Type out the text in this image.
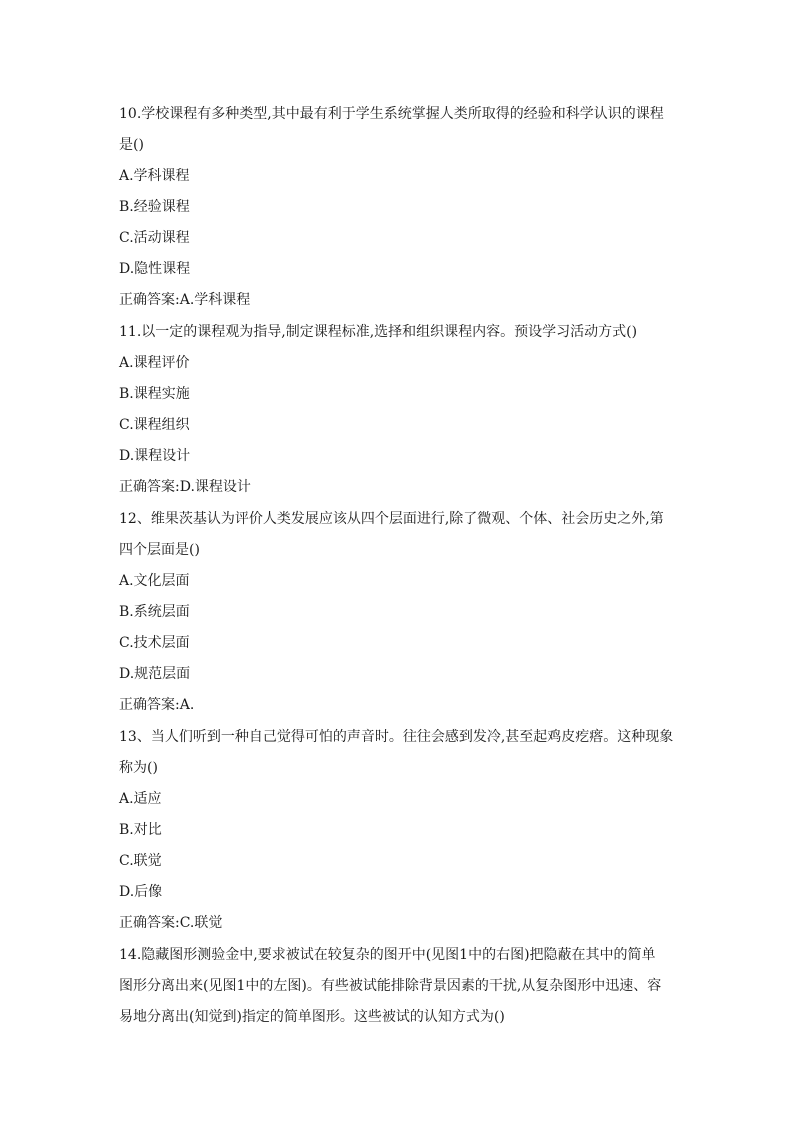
10.学校课程有多种类型,其中最有利于学生系统掌握人类所取得的经验和科学认识的课程
是()
A.学科课程
B.经验课程
C.活动课程
D.隐性课程
正确答案:A.学科课程
11.以一定的课程观为指导,制定课程标准,选择和组织课程内容。预设学习活动方式()
A.课程评价
B.课程实施
C.课程组织
D.课程设计
正确答案:D.课程设计
12、维果茨基认为评价人类发展应该从四个层面进行,除了微观、个体、社会历史之外,第
四个层面是()
A.文化层面
B.系统层面
C.技术层面
D.规范层面
正确答案:A.
13、当人们听到一种自己觉得可怕的声音时。往往会感到发冷,甚至起鸡皮疙瘩。这种现象
称为()
A.适应
B.对比
C.联觉
D.后像
正确答案:C.联觉
14.隐藏图形测验金中,要求被试在较复杂的图开中(见图1中的右图)把隐蔽在其中的简单
图形分离出来(见图1中的左图)。有些被试能排除背景因素的干扰,从复杂图形中迅速、容
易地分离出(知觉到)指定的简单图形。这些被试的认知方式为()
